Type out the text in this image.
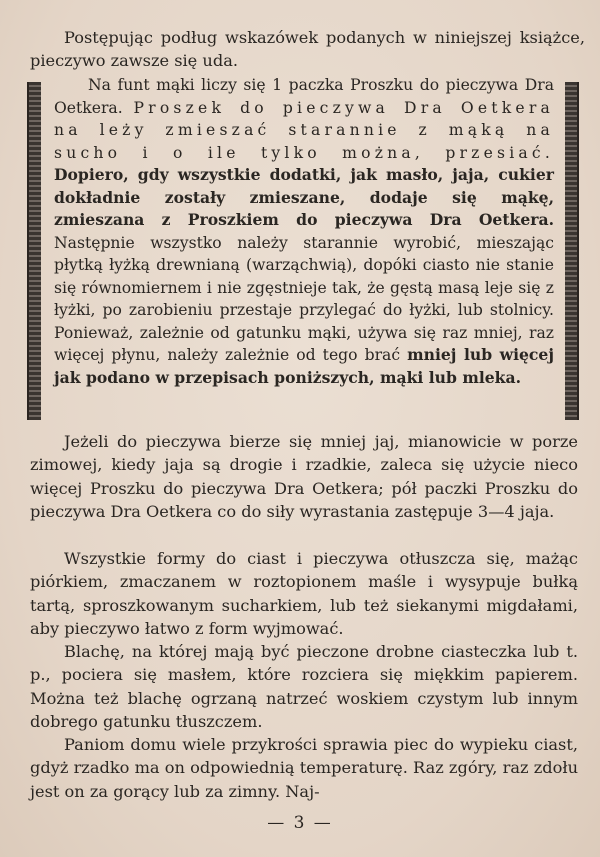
Postępując podług wskazówek podanych w niniejszej książce, pieczywo zawsze się uda.

Na funt mąki liczy się 1 paczka Proszku do pieczywa Dra Oetkera. Proszek do pieczywa Dra Oetkera na leży zmieszać starannie z mąką na sucho i o ile tylko można, przesiać. Dopiero, gdy wszystkie dodatki, jak masło, jaja, cukier dokładnie zostały zmieszane, dodaje się mąkę, zmieszana z Proszkiem do pieczywa Dra Oetkera. Następnie wszystko należy starannie wyrobić, mieszając płytką łyżką drewnianą (warząchwią), dopóki ciasto nie stanie się równomiernem i nie zgęstnieje tak, że gęstą masą leje się z łyżki, po zarobieniu przestaje przylegać do łyżki, lub stolnicy. Ponieważ, zależnie od gatunku mąki, używa się raz mniej, raz więcej płynu, należy zależnie od tego brać mniej lub więcej jak podano w przepisach poniższych, mąki lub mleka.

Jeżeli do pieczywa bierze się mniej jaj, mianowicie w porze zimowej, kiedy jaja są drogie i rzadkie, zaleca się użycie nieco więcej Proszku do pieczywa Dra Oetkera; pół paczki Proszku do pieczywa Dra Oetkera co do siły wyrastania zastępuje 3—4 jaja.

Wszystkie formy do ciast i pieczywa otłuszcza się, mażąc piórkiem, zmaczanem w roztopionem maśle i wysypuje bułką tartą, sproszkowanym sucharkiem, lub też siekanymi migdałami, aby pieczywo łatwo z form wyjmować.

Blachę, na której mają być pieczone drobne ciasteczka lub t. p., pociera się masłem, które rozciera się miękkim papierem. Można też blachę ogrzaną natrzeć woskiem czystym lub innym dobrego gatunku tłuszczem.

Paniom domu wiele przykrości sprawia piec do wypieku ciast, gdyż rzadko ma on odpowiednią temperaturę. Raz zgóry, raz zdołu jest on za gorący lub za zimny. Naj-

— 3 —
